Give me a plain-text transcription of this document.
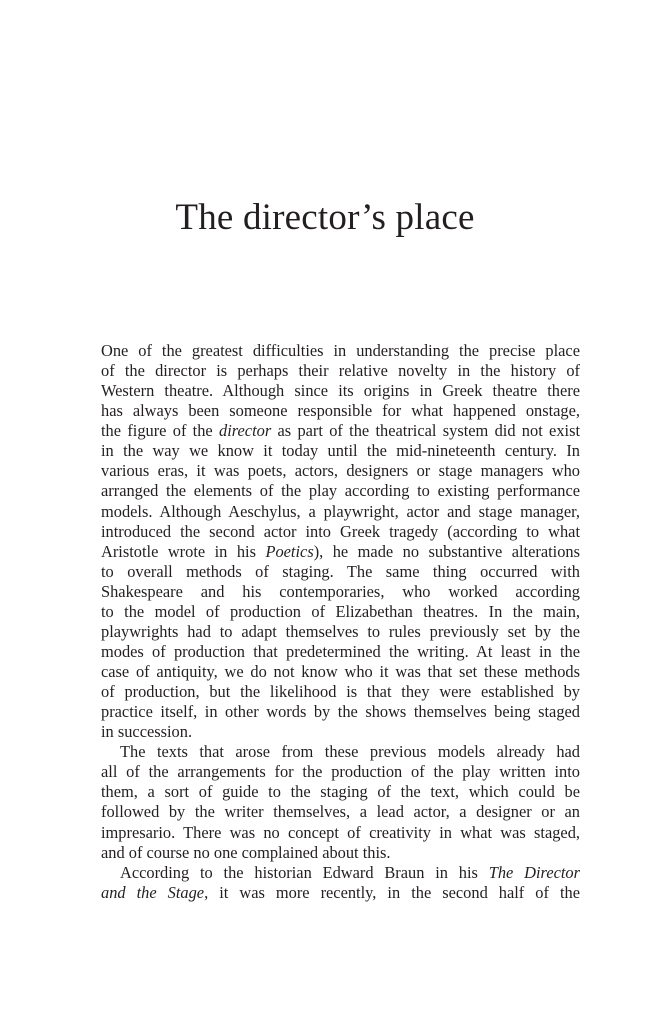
The director’s place

One of the greatest difficulties in understanding the precise place
of the director is perhaps their relative novelty in the history of
Western theatre. Although since its origins in Greek theatre there
has always been someone responsible for what happened onstage,
the figure of the director as part of the theatrical system did not exist
in the way we know it today until the mid-nineteenth century. In
various eras, it was poets, actors, designers or stage managers who
arranged the elements of the play according to existing performance
models. Although Aeschylus, a playwright, actor and stage manager,
introduced the second actor into Greek tragedy (according to what
Aristotle wrote in his Poetics), he made no substantive alterations
to overall methods of staging. The same thing occurred with
Shakespeare and his contemporaries, who worked according
to the model of production of Elizabethan theatres. In the main,
playwrights had to adapt themselves to rules previously set by the
modes of production that predetermined the writing. At least in the
case of antiquity, we do not know who it was that set these methods
of production, but the likelihood is that they were established by
practice itself, in other words by the shows themselves being staged
in succession.

The texts that arose from these previous models already had
all of the arrangements for the production of the play written into
them, a sort of guide to the staging of the text, which could be
followed by the writer themselves, a lead actor, a designer or an
impresario. There was no concept of creativity in what was staged,
and of course no one complained about this.

According to the historian Edward Braun in his The Director
and the Stage, it was more recently, in the second half of the
